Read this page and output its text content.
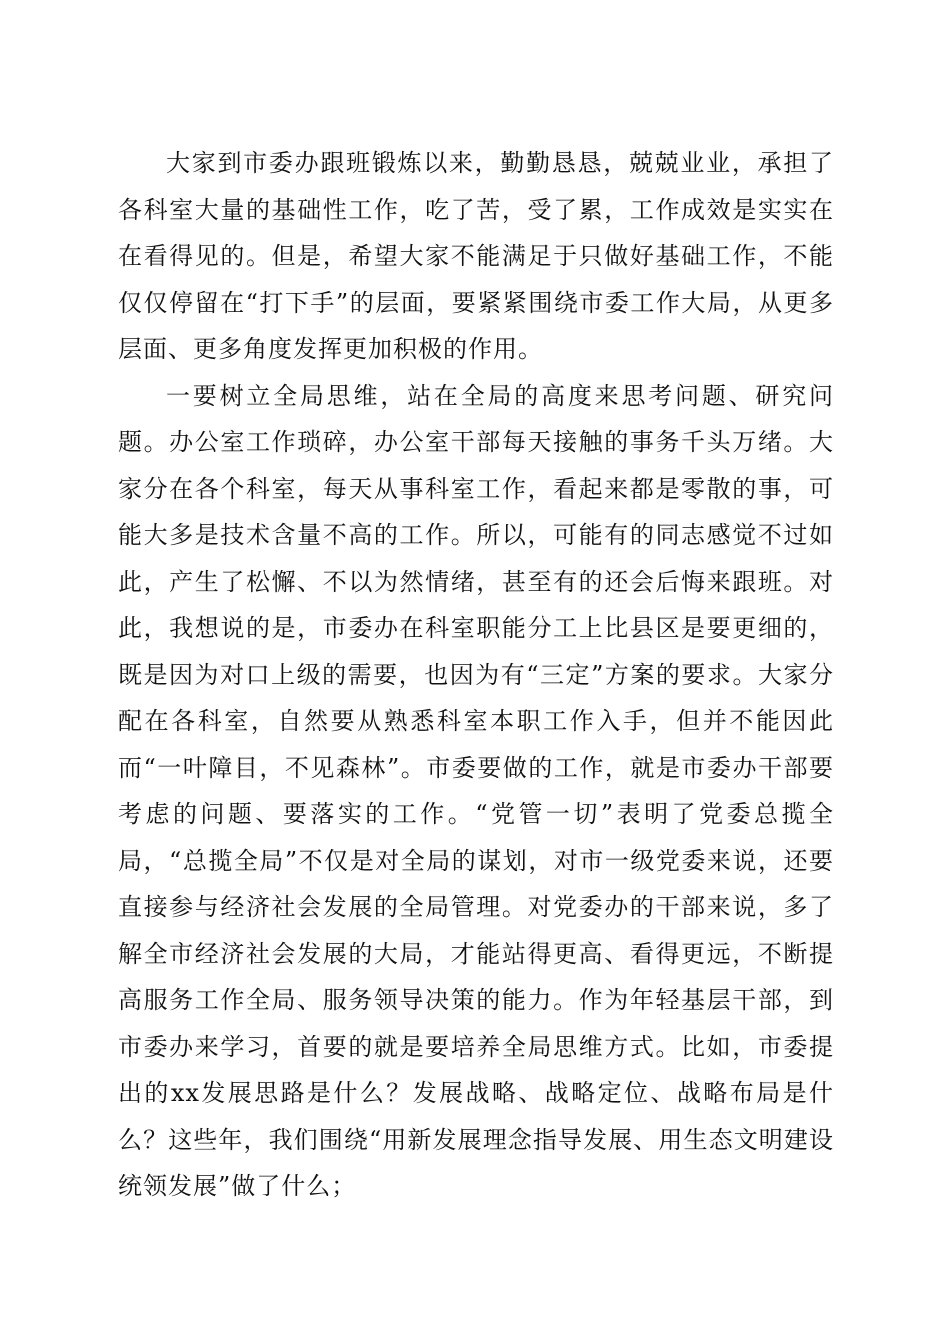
大家到市委办跟班锻炼以来，勤勤恳恳，兢兢业业，承担了各科室大量的基础性工作，吃了苦，受了累，工作成效是实实在在看得见的。但是，希望大家不能满足于只做好基础工作，不能仅仅停留在“打下手”的层面，要紧紧围绕市委工作大局，从更多层面、更多角度发挥更加积极的作用。

一要树立全局思维，站在全局的高度来思考问题、研究问题。办公室工作琐碎，办公室干部每天接触的事务千头万绪。大家分在各个科室，每天从事科室工作，看起来都是零散的事，可能大多是技术含量不高的工作。所以，可能有的同志感觉不过如此，产生了松懈、不以为然情绪，甚至有的还会后悔来跟班。对此，我想说的是，市委办在科室职能分工上比县区是要更细的，既是因为对口上级的需要，也因为有“三定”方案的要求。大家分配在各科室，自然要从熟悉科室本职工作入手，但并不能因此而“一叶障目，不见森林”。市委要做的工作，就是市委办干部要考虑的问题、要落实的工作。“党管一切”表明了党委总揽全局，“总揽全局”不仅是对全局的谋划，对市一级党委来说，还要直接参与经济社会发展的全局管理。对党委办的干部来说，多了解全市经济社会发展的大局，才能站得更高、看得更远，不断提高服务工作全局、服务领导决策的能力。作为年轻基层干部，到市委办来学习，首要的就是要培养全局思维方式。比如，市委提出的xx发展思路是什么？发展战略、战略定位、战略布局是什么？这些年，我们围绕“用新发展理念指导发展、用生态文明建设统领发展”做了什么；
